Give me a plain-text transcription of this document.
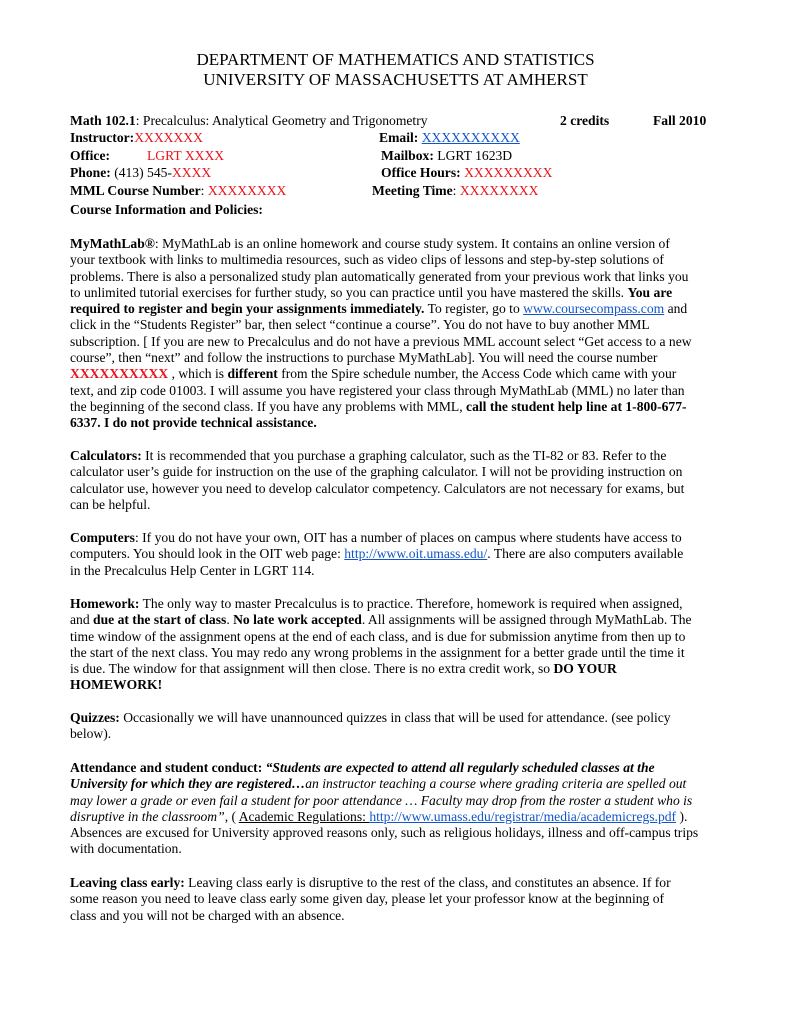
DEPARTMENT OF MATHEMATICS AND STATISTICS
UNIVERSITY OF MASSACHUSETTS AT AMHERST
Math 102.1: Precalculus: Analytical Geometry and Trigonometry	2 credits	Fall 2010
Instructor:XXXXXXX	Email: XXXXXXXXXX
Office:	LGRT XXXX	Mailbox: LGRT 1623D
Phone: (413) 545-XXXX	Office Hours: XXXXXXXXX
MML Course Number: XXXXXXXX	Meeting Time: XXXXXXXX
Course Information and Policies:
MyMathLab®: MyMathLab is an online homework and course study system. It contains an online version of
your textbook with links to multimedia resources, such as video clips of lessons and step-by-step solutions of
problems. There is also a personalized study plan automatically generated from your previous work that links you
to unlimited tutorial exercises for further study, so you can practice until you have mastered the skills. You are
required to register and begin your assignments immediately. To register, go to www.coursecompass.com and
click in the “Students Register” bar, then select “continue a course”. You do not have to buy another MML
subscription. [ If you are new to Precalculus and do not have a previous MML account select “Get access to a new
course”, then “next” and follow the instructions to purchase MyMathLab]. You will need the course number
XXXXXXXXXX , which is different from the Spire schedule number, the Access Code which came with your
text, and zip code 01003. I will assume you have registered your class through MyMathLab (MML) no later than
the beginning of the second class. If you have any problems with MML, call the student help line at 1-800-677-
6337. I do not provide technical assistance.
Calculators: It is recommended that you purchase a graphing calculator, such as the TI-82 or 83. Refer to the
calculator user’s guide for instruction on the use of the graphing calculator. I will not be providing instruction on
calculator use, however you need to develop calculator competency. Calculators are not necessary for exams, but
can be helpful.
Computers: If you do not have your own, OIT has a number of places on campus where students have access to
computers. You should look in the OIT web page: http://www.oit.umass.edu/. There are also computers available
in the Precalculus Help Center in LGRT 114.
Homework: The only way to master Precalculus is to practice. Therefore, homework is required when assigned,
and due at the start of class. No late work accepted. All assignments will be assigned through MyMathLab. The
time window of the assignment opens at the end of each class, and is due for submission anytime from then up to
the start of the next class. You may redo any wrong problems in the assignment for a better grade until the time it
is due. The window for that assignment will then close. There is no extra credit work, so DO YOUR
HOMEWORK!
Quizzes: Occasionally we will have unannounced quizzes in class that will be used for attendance. (see policy
below).
Attendance and student conduct: “Students are expected to attend all regularly scheduled classes at the
University for which they are registered…an instructor teaching a course where grading criteria are spelled out
may lower a grade or even fail a student for poor attendance … Faculty may drop from the roster a student who is
disruptive in the classroom”, ( Academic Regulations: http://www.umass.edu/registrar/media/academicregs.pdf ).
Absences are excused for University approved reasons only, such as religious holidays, illness and off-campus trips
with documentation.
Leaving class early: Leaving class early is disruptive to the rest of the class, and constitutes an absence. If for
some reason you need to leave class early some given day, please let your professor know at the beginning of
class and you will not be charged with an absence.
